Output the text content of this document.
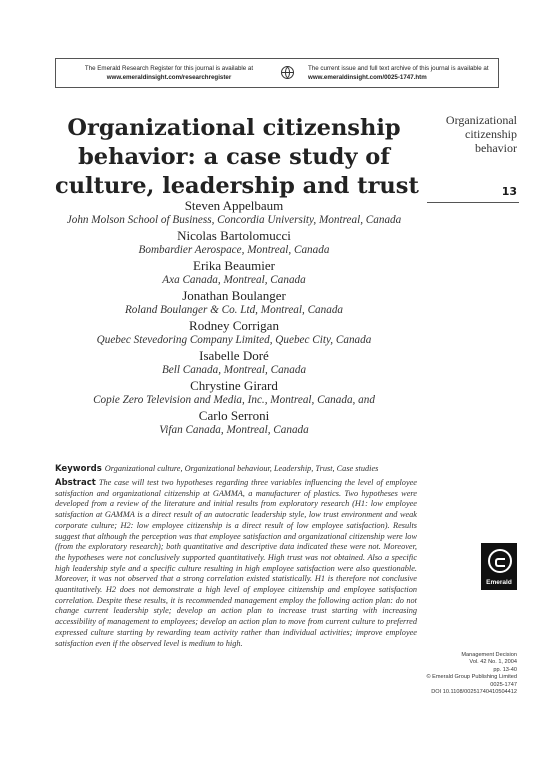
The Emerald Research Register for this journal is available at
www.emeraldinsight.com/researchregister
The current issue and full text archive of this journal is available at
www.emeraldinsight.com/0025-1747.htm
Organizational citizenship
behavior: a case study of
culture, leadership and trust
Organizational
citizenship
behavior
13
Steven Appelbaum
John Molson School of Business, Concordia University, Montreal, Canada
Nicolas Bartolomucci
Bombardier Aerospace, Montreal, Canada
Erika Beaumier
Axa Canada, Montreal, Canada
Jonathan Boulanger
Roland Boulanger & Co. Ltd, Montreal, Canada
Rodney Corrigan
Quebec Stevedoring Company Limited, Quebec City, Canada
Isabelle Doré
Bell Canada, Montreal, Canada
Chrystine Girard
Copie Zero Television and Media, Inc., Montreal, Canada, and
Carlo Serroni
Vifan Canada, Montreal, Canada
Keywords Organizational culture, Organizational behaviour, Leadership, Trust, Case studies
Abstract The case will test two hypotheses regarding three variables influencing the level of employee satisfaction and organizational citizenship at GAMMA, a manufacturer of plastics. Two hypotheses were developed from a review of the literature and initial results from exploratory research (H1: low employee satisfaction at GAMMA is a direct result of an autocratic leadership style, low trust environment and weak corporate culture; H2: low employee citizenship is a direct result of low employee satisfaction). Results suggest that although the perception was that employee satisfaction and organizational citizenship were low (from the exploratory research); both quantitative and descriptive data indicated these were not. Moreover, the hypotheses were not conclusively supported quantitatively. High trust was not obtained. Also a specific high leadership style and a specific culture resulting in high employee satisfaction were also questionable. Moreover, it was not observed that a strong correlation existed statistically. H1 is therefore not conclusive quantitatively. H2 does not demonstrate a high level of employee citizenship and employee satisfaction correlation. Despite these results, it is recommended management employ the following action plan: do not change current leadership style; develop an action plan to increase trust starting with increasing accessibility of management to employees; develop an action plan to move from current culture to preferred expressed culture starting by rewarding team activity rather than individual activities; improve employee satisfaction even if the observed level is medium to high.
Emerald
Management Decision
Vol. 42 No. 1, 2004
pp. 13-40
© Emerald Group Publishing Limited
0025-1747
DOI 10.1108/00251740410504412
